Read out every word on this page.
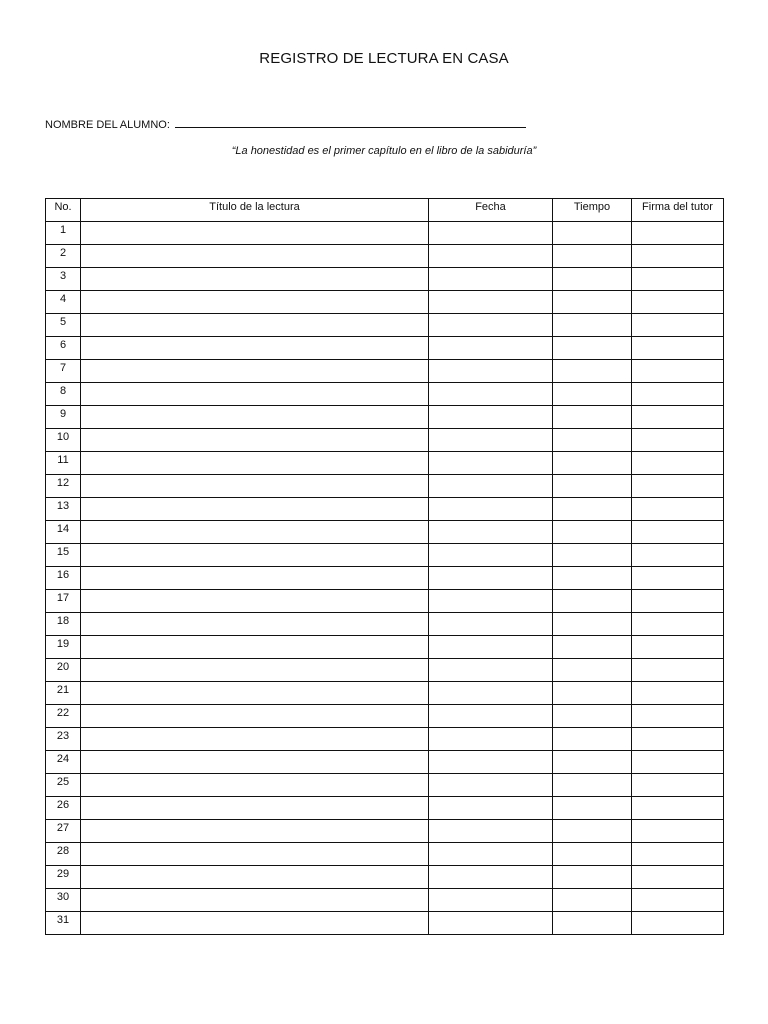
REGISTRO DE LECTURA EN CASA
NOMBRE DEL ALUMNO:
“La honestidad es el primer capítulo en el libro de la sabiduría”
No.	Título de la lectura	Fecha	Tiempo	Firma del tutor
1				
2				
3				
4				
5				
6				
7				
8				
9				
10				
11				
12				
13				
14				
15				
16				
17				
18				
19				
20				
21				
22				
23				
24				
25				
26				
27				
28				
29				
30				
31				
